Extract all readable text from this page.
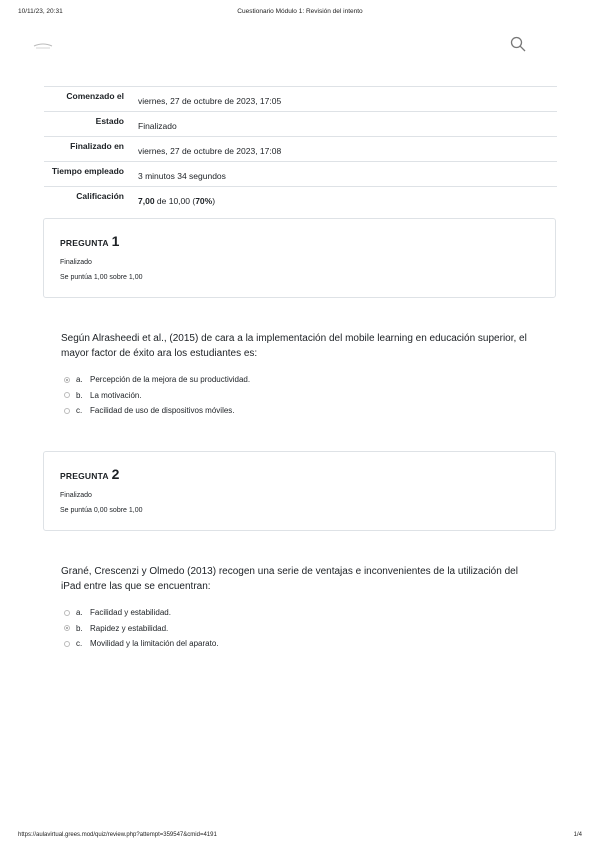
10/11/23, 20:31	Cuestionario Módulo 1: Revisión del intento
Comenzado el	viernes, 27 de octubre de 2023, 17:05
Estado	Finalizado
Finalizado en	viernes, 27 de octubre de 2023, 17:08
Tiempo empleado	3 minutos 34 segundos
Calificación	7,00 de 10,00 (70%)
PREGUNTA 1
Finalizado
Se puntúa 1,00 sobre 1,00
Según Alrasheedi et al., (2015) de cara a la implementación del mobile learning en educación superior, el mayor factor de éxito ara los estudiantes es:
a. Percepción de la mejora de su productividad.
b. La motivación.
c. Facilidad de uso de dispositivos móviles.
PREGUNTA 2
Finalizado
Se puntúa 0,00 sobre 1,00
Grané, Crescenzi y Olmedo (2013) recogen una serie de ventajas e inconvenientes de la utilización del iPad entre las que se encuentran:
a. Facilidad y estabilidad.
b. Rapidez y estabilidad.
c. Movilidad y la limitación del aparato.
https://aulavirtual.grees.mod/quiz/review.php?attempt=359547&cmid=4191	1/4
